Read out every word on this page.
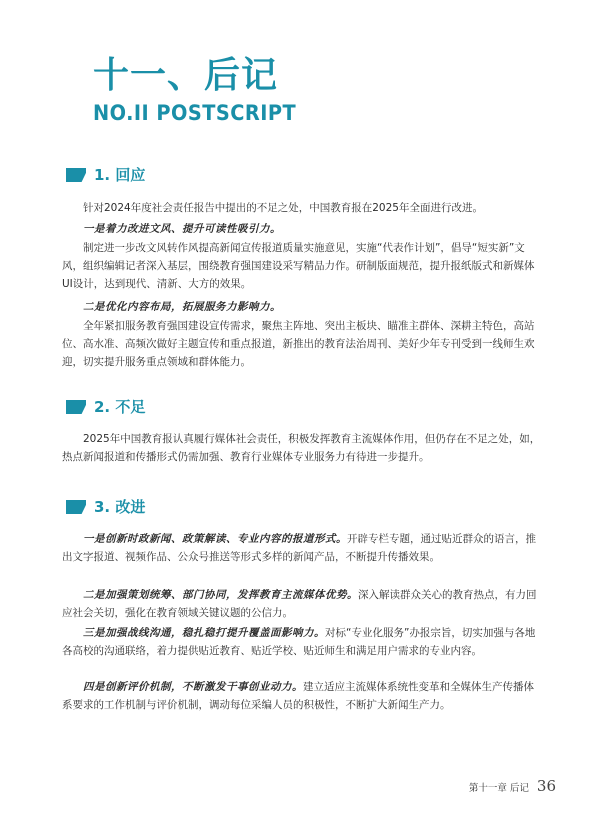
十一、后记
NO.II POSTSCRIPT
1. 回应

针对2024年度社会责任报告中提出的不足之处，中国教育报在2025年全面进行改进。

一是着力改进文风、提升可读性吸引力。

制定进一步改文风转作风提高新闻宣传报道质量实施意见，实施“代表作计划”，倡导“短实新”文风，组织编辑记者深入基层，围绕教育强国建设采写精品力作。研制版面规范，提升报纸版式和新媒体UI设计，达到现代、清新、大方的效果。

二是优化内容布局，拓展服务力影响力。

全年紧扣服务教育强国建设宣传需求，聚焦主阵地、突出主板块、瞄准主群体、深耕主特色，高站位、高水准、高频次做好主题宣传和重点报道，新推出的教育法治周刊、美好少年专刊受到一线师生欢迎，切实提升服务重点领域和群体能力。

2. 不足

2025年中国教育报认真履行媒体社会责任，积极发挥教育主流媒体作用，但仍存在不足之处，如，热点新闻报道和传播形式仍需加强、教育行业媒体专业服务力有待进一步提升。

3. 改进

一是创新时政新闻、政策解读、专业内容的报道形式。开辟专栏专题，通过贴近群众的语言，推出文字报道、视频作品、公众号推送等形式多样的新闻产品，不断提升传播效果。

二是加强策划统筹、部门协同，发挥教育主流媒体优势。深入解读群众关心的教育热点，有力回应社会关切，强化在教育领域关键议题的公信力。

三是加强战线沟通，稳扎稳打提升覆盖面影响力。对标“专业化服务”办报宗旨，切实加强与各地各高校的沟通联络，着力提供贴近教育、贴近学校、贴近师生和满足用户需求的专业内容。

四是创新评价机制，不断激发干事创业动力。建立适应主流媒体系统性变革和全媒体生产传播体系要求的工作机制与评价机制，调动每位采编人员的积极性，不断扩大新闻生产力。

第十一章 后记 36
